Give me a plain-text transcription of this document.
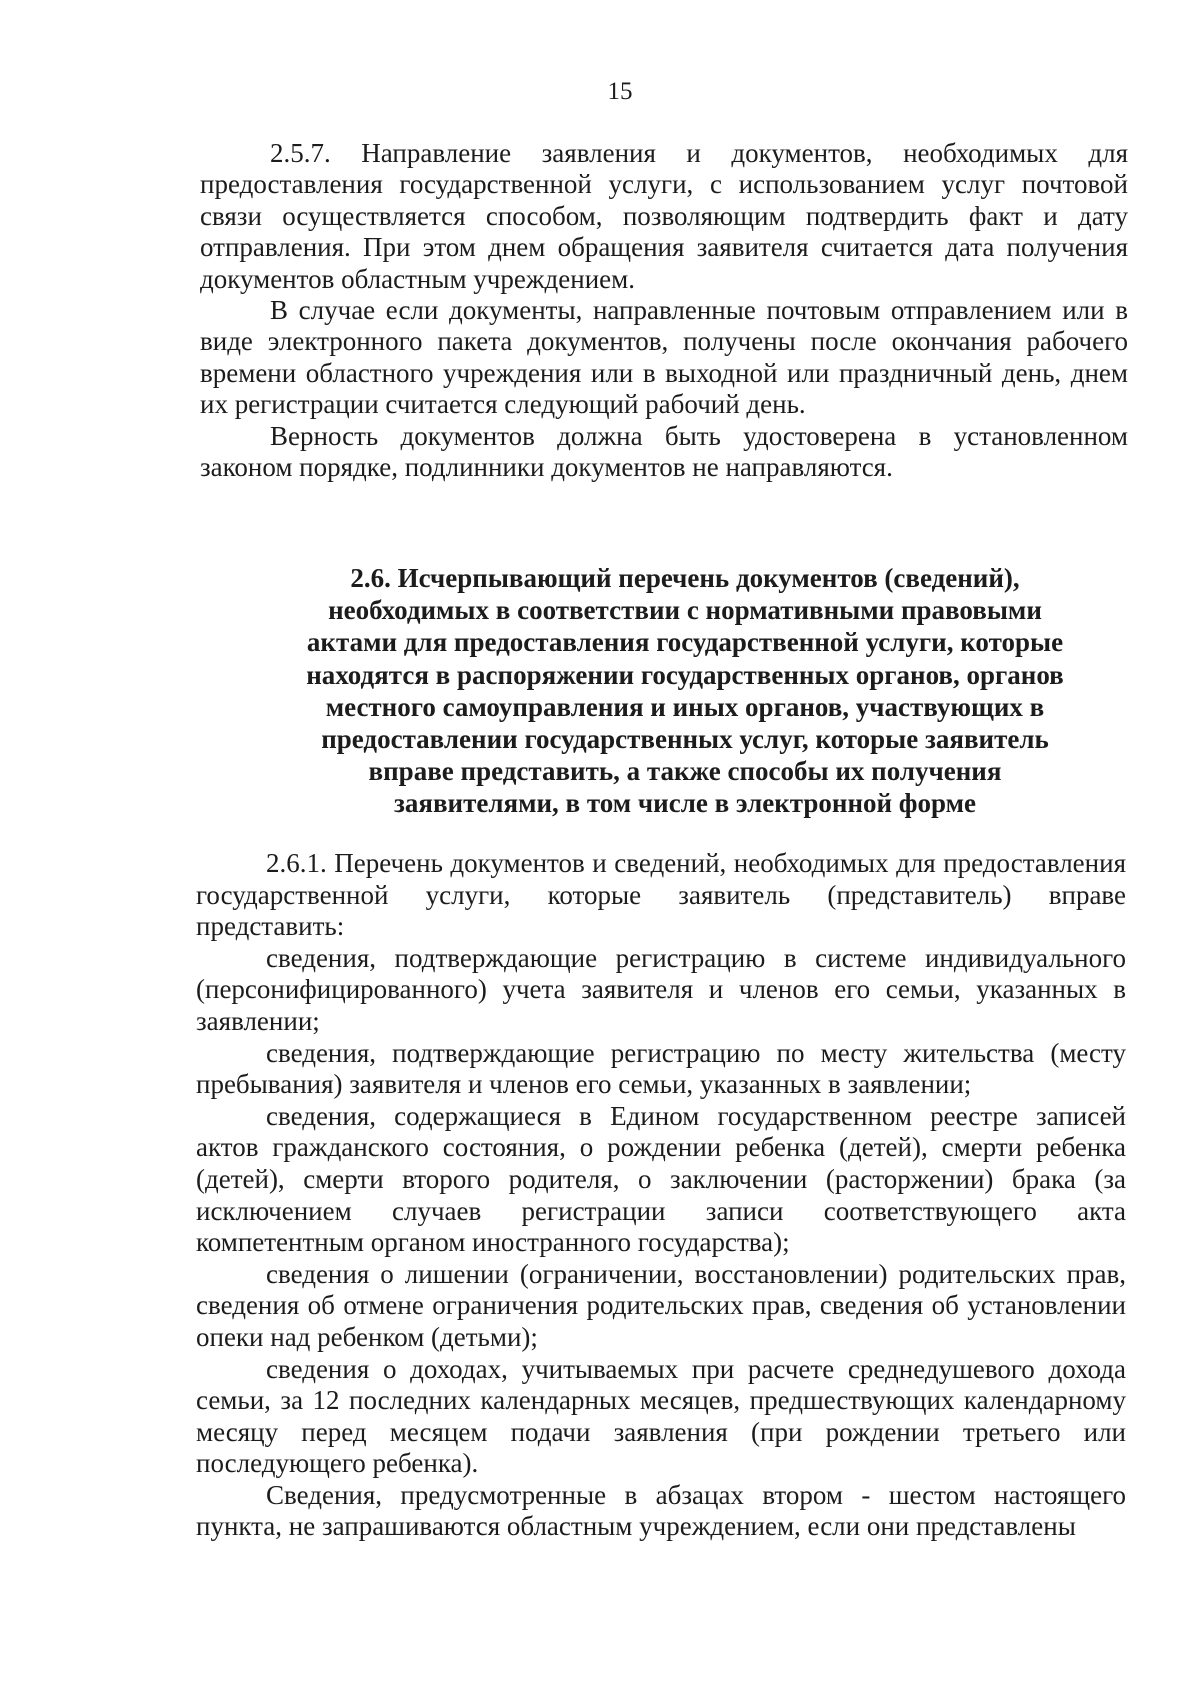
15

2.5.7. Направление заявления и документов, необходимых для предоставления государственной услуги, с использованием услуг почтовой связи осуществляется способом, позволяющим подтвердить факт и дату отправления. При этом днем обращения заявителя считается дата получения документов областным учреждением.

В случае если документы, направленные почтовым отправлением или в виде электронного пакета документов, получены после окончания рабочего времени областного учреждения или в выходной или праздничный день, днем их регистрации считается следующий рабочий день.

Верность документов должна быть удостоверена в установленном законом порядке, подлинники документов не направляются.

2.6. Исчерпывающий перечень документов (сведений), необходимых в соответствии с нормативными правовыми актами для предоставления государственной услуги, которые находятся в распоряжении государственных органов, органов местного самоуправления и иных органов, участвующих в предоставлении государственных услуг, которые заявитель вправе представить, а также способы их получения заявителями, в том числе в электронной форме

2.6.1. Перечень документов и сведений, необходимых для предоставления государственной услуги, которые заявитель (представитель) вправе представить:

сведения, подтверждающие регистрацию в системе индивидуального (персонифицированного) учета заявителя и членов его семьи, указанных в заявлении;

сведения, подтверждающие регистрацию по месту жительства (месту пребывания) заявителя и членов его семьи, указанных в заявлении;

сведения, содержащиеся в Едином государственном реестре записей актов гражданского состояния, о рождении ребенка (детей), смерти ребенка (детей), смерти второго родителя, о заключении (расторжении) брака (за исключением случаев регистрации записи соответствующего акта компетентным органом иностранного государства);

сведения о лишении (ограничении, восстановлении) родительских прав, сведения об отмене ограничения родительских прав, сведения об установлении опеки над ребенком (детьми);

сведения о доходах, учитываемых при расчете среднедушевого дохода семьи, за 12 последних календарных месяцев, предшествующих календарному месяцу перед месяцем подачи заявления (при рождении третьего или последующего ребенка).

Сведения, предусмотренные в абзацах втором - шестом настоящего пункта, не запрашиваются областным учреждением, если они представлены
